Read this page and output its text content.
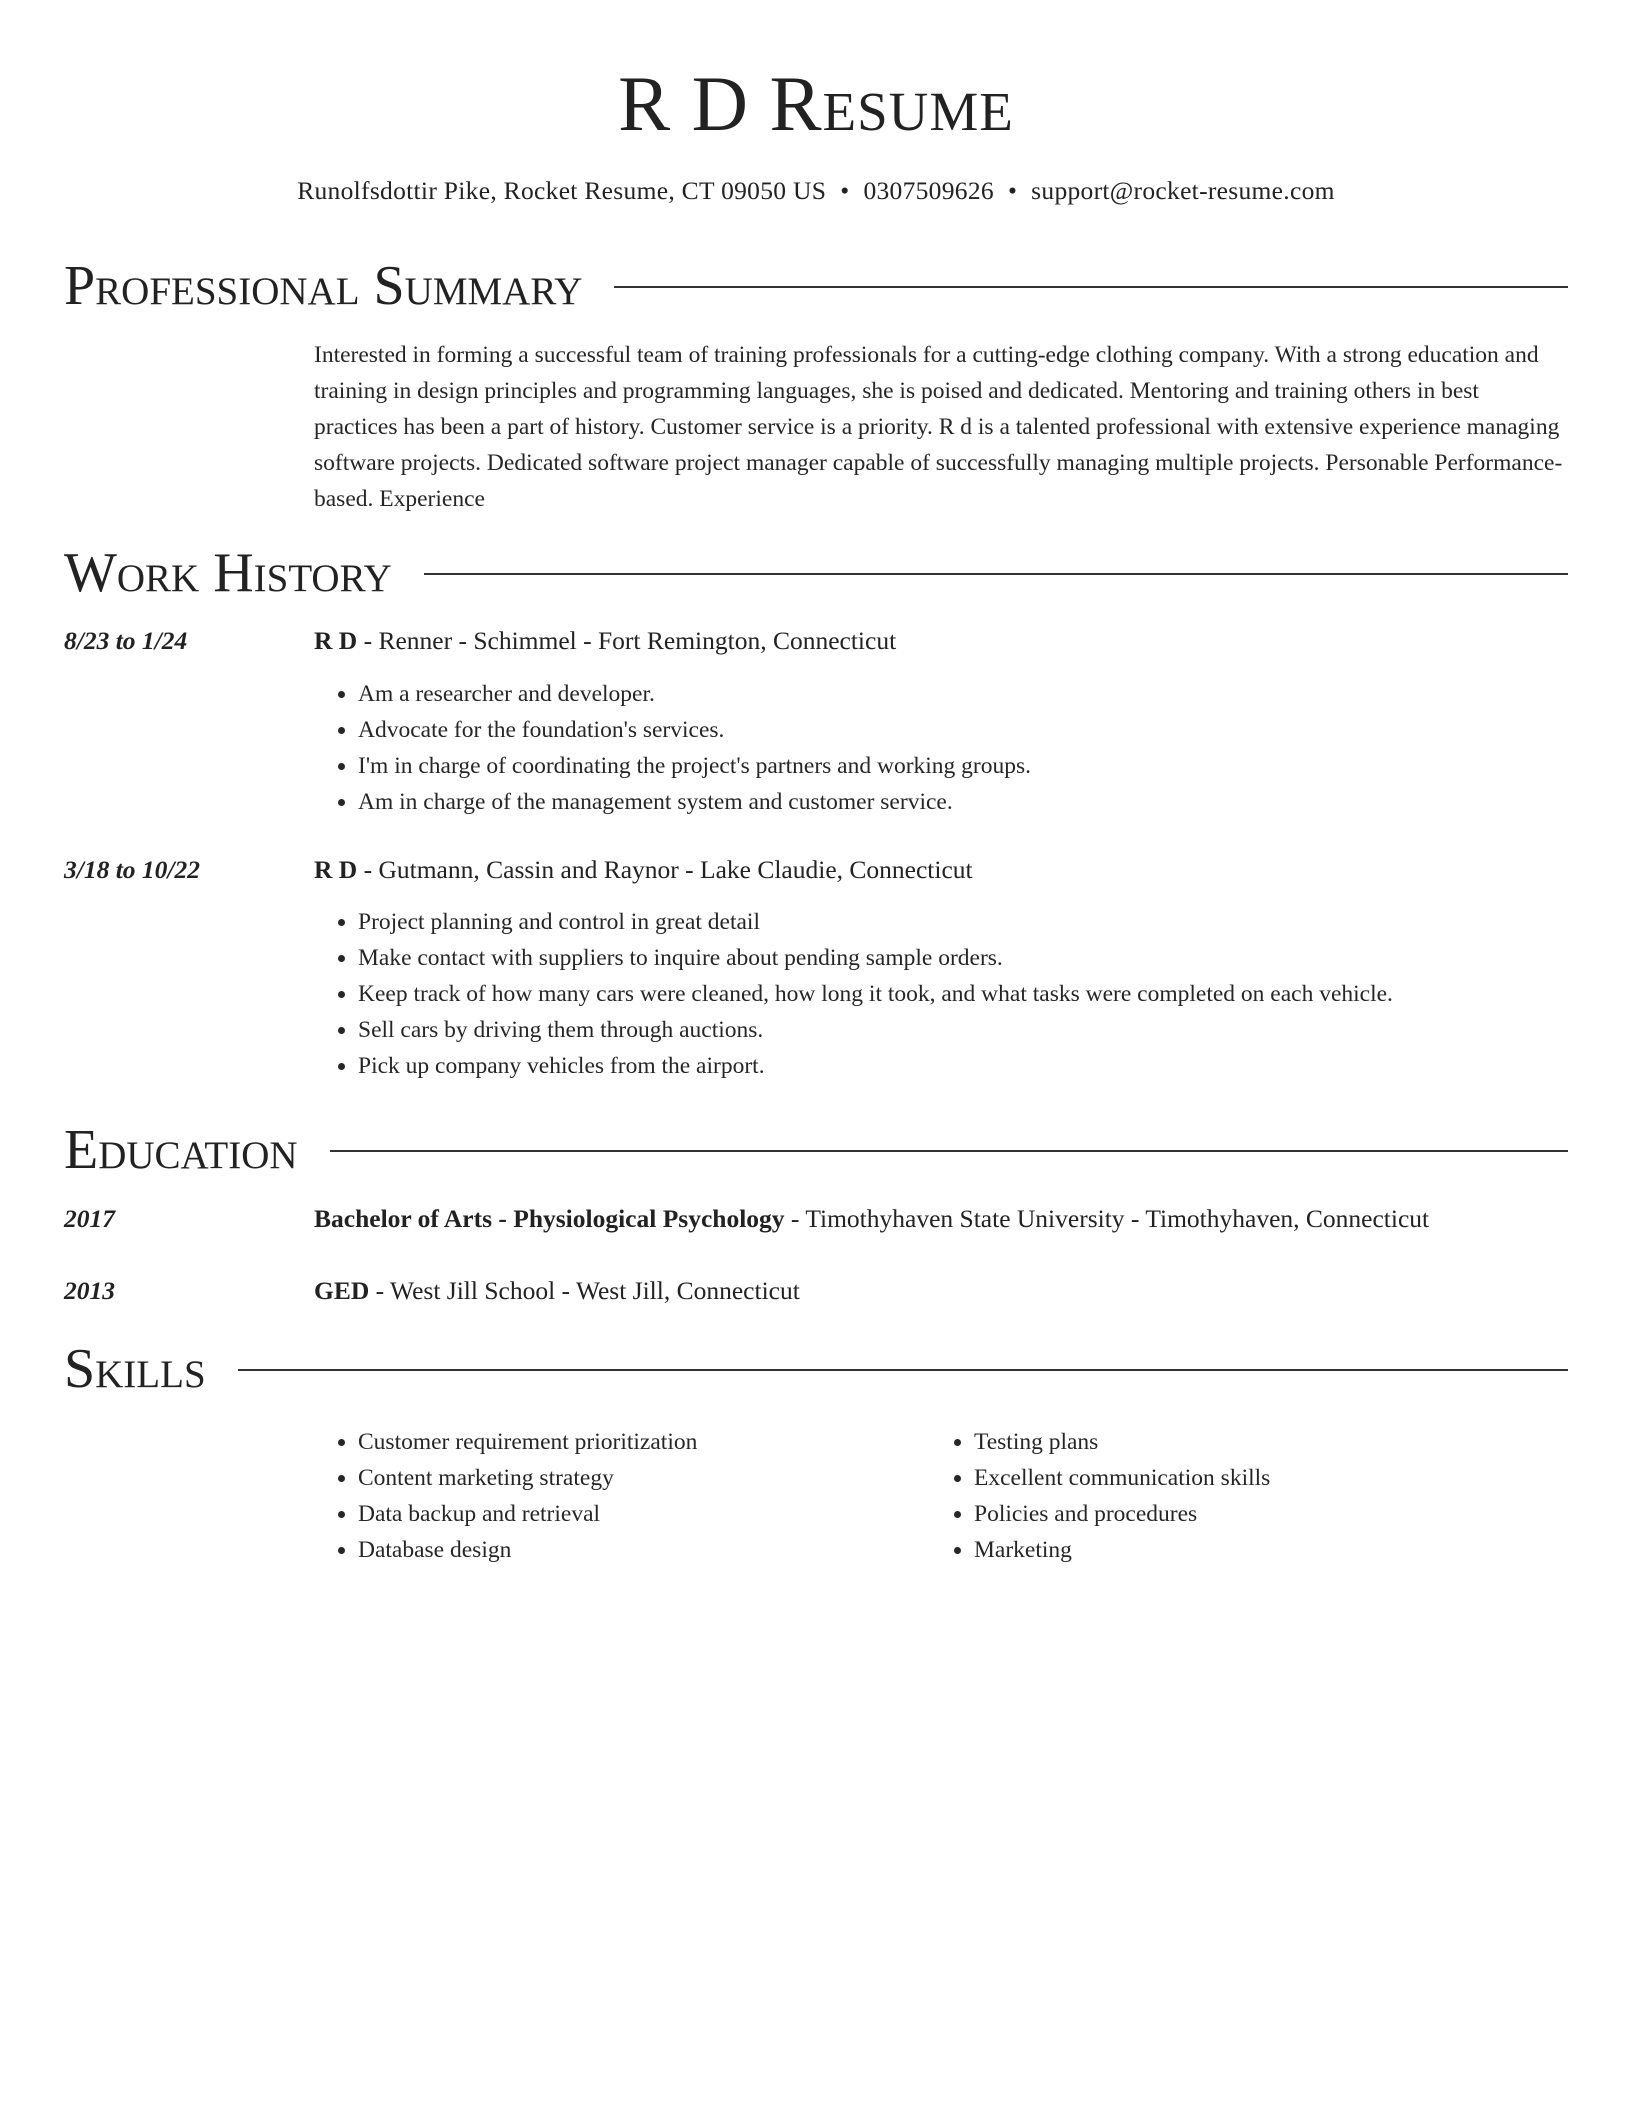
R D Resume
Runolfsdottir Pike, Rocket Resume, CT 09050 US • 0307509626 • support@rocket-resume.com
Professional Summary
Interested in forming a successful team of training professionals for a cutting-edge clothing company. With a strong education and training in design principles and programming languages, she is poised and dedicated. Mentoring and training others in best practices has been a part of history. Customer service is a priority. R d is a talented professional with extensive experience managing software projects. Dedicated software project manager capable of successfully managing multiple projects. Personable Performance-based. Experience
Work History
8/23 to 1/24	R D - Renner - Schimmel - Fort Remington, Connecticut
• Am a researcher and developer.
• Advocate for the foundation's services.
• I'm in charge of coordinating the project's partners and working groups.
• Am in charge of the management system and customer service.
3/18 to 10/22	R D - Gutmann, Cassin and Raynor - Lake Claudie, Connecticut
• Project planning and control in great detail
• Make contact with suppliers to inquire about pending sample orders.
• Keep track of how many cars were cleaned, how long it took, and what tasks were completed on each vehicle.
• Sell cars by driving them through auctions.
• Pick up company vehicles from the airport.
Education
2017	Bachelor of Arts - Physiological Psychology - Timothyhaven State University - Timothyhaven, Connecticut
2013	GED - West Jill School - West Jill, Connecticut
Skills
• Customer requirement prioritization
• Content marketing strategy
• Data backup and retrieval
• Database design
• Testing plans
• Excellent communication skills
• Policies and procedures
• Marketing
